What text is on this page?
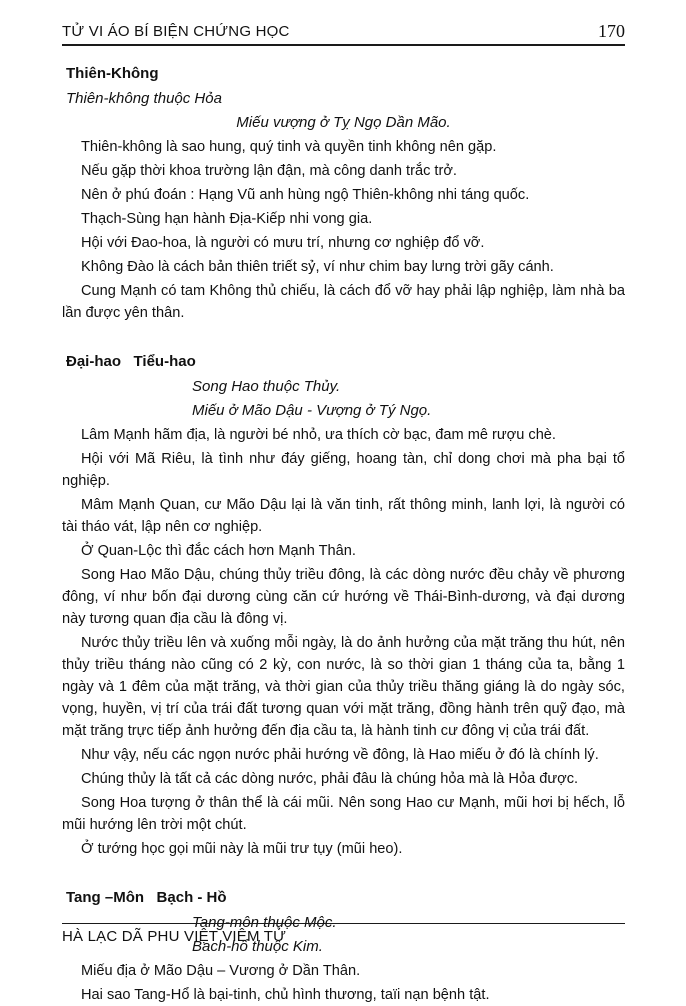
TỬ VI ÁO BÍ BIỆN CHỨNG HỌC	170
Thiên-Không
Thiên-không thuộc Hỏa
Miếu vượng ở Tỵ Ngọ Dần Mão.

Thiên-không là sao hung, quý tinh và quyền tinh không nên gặp.

Nếu gặp thời khoa trường lận đận, mà công danh trắc trở.

Nên ở phú đoán : Hạng Vũ anh hùng ngộ Thiên-không nhi táng quốc.

Thạch-Sùng hạn hành Địa-Kiếp nhi vong gia.

Hội với Đao-hoa, là người có mưu trí, nhưng cơ nghiệp đổ vỡ.

Không Đào là cách bản thiên triết sỷ, ví như chim bay lưng trời gãy cánh.

Cung Mạnh có tam Không thủ chiếu, là cách đổ vỡ hay phải lập nghiệp, làm nhà ba lần được yên thân.

Đại-hao   Tiểu-hao
Song Hao thuộc Thủy.
Miếu ở Mão Dậu - Vượng ở Tý Ngọ.

Lâm Mạnh hãm địa, là người bé nhỏ, ưa thích cờ bạc, đam mê rượu chè.

Hội với Mã Riêu, là tình như đáy giếng, hoang tàn, chỉ dong chơi mà pha bại tổ nghiệp.

Mâm Mạnh Quan, cư Mão Dậu lại là văn tinh, rất thông minh, lanh lợi, là người có tài tháo vát, lập nên cơ nghiệp.

Ở Quan-Lộc thì đắc cách hơn Mạnh Thân.

Song Hao Mão Dậu, chúng thủy triều đông, là các dòng nước đều chảy về phương đông, ví như bốn đại dương cùng căn cứ hướng về Thái-Bình-dương, và đại dương này tương quan địa cầu là đông vị.

Nước thủy triều lên và xuống mỗi ngày, là do ảnh hưởng của mặt trăng thu hút, nên thủy triều tháng nào cũng có 2 kỳ, con nước, là so thời gian 1 tháng của ta, bằng 1 ngày và 1 đêm của mặt trăng, và thời gian của thủy triều thăng giáng là do ngày sóc, vọng, huyền, vị trí của trái đất tương quan với mặt trăng, đồng hành trên quỹ đạo, mà mặt trăng trực tiếp ảnh hưởng đến địa cầu ta, là hành tinh cư đông vị của trái đất.

Như vậy, nếu các ngọn nước phải hướng về đông, là Hao miếu ở đó là chính lý.

Chúng thủy là tất cả các dòng nước, phải đâu là chúng hỏa mà là Hỏa được.

Song Hoa tượng ở thân thể là cái mũi. Nên song Hao cư Mạnh, mũi hơi bị hếch, lỗ mũi hướng lên trời một chút.

Ở tướng học gọi mũi này là mũi trư tụy (mũi heo).

Tang –Môn   Bạch - Hồ
Tang-môn thuộc Mộc.
Bach-hổ thuộc Kim.

Miếu địa ở Mão Dậu – Vương ở Dần Thân.

Hai sao Tang-Hổ là bại-tinh, chủ hình thương, taïi nạn bệnh tật.

HÀ LẠC DÃ PHU VIỆT VIÊM TỬ
